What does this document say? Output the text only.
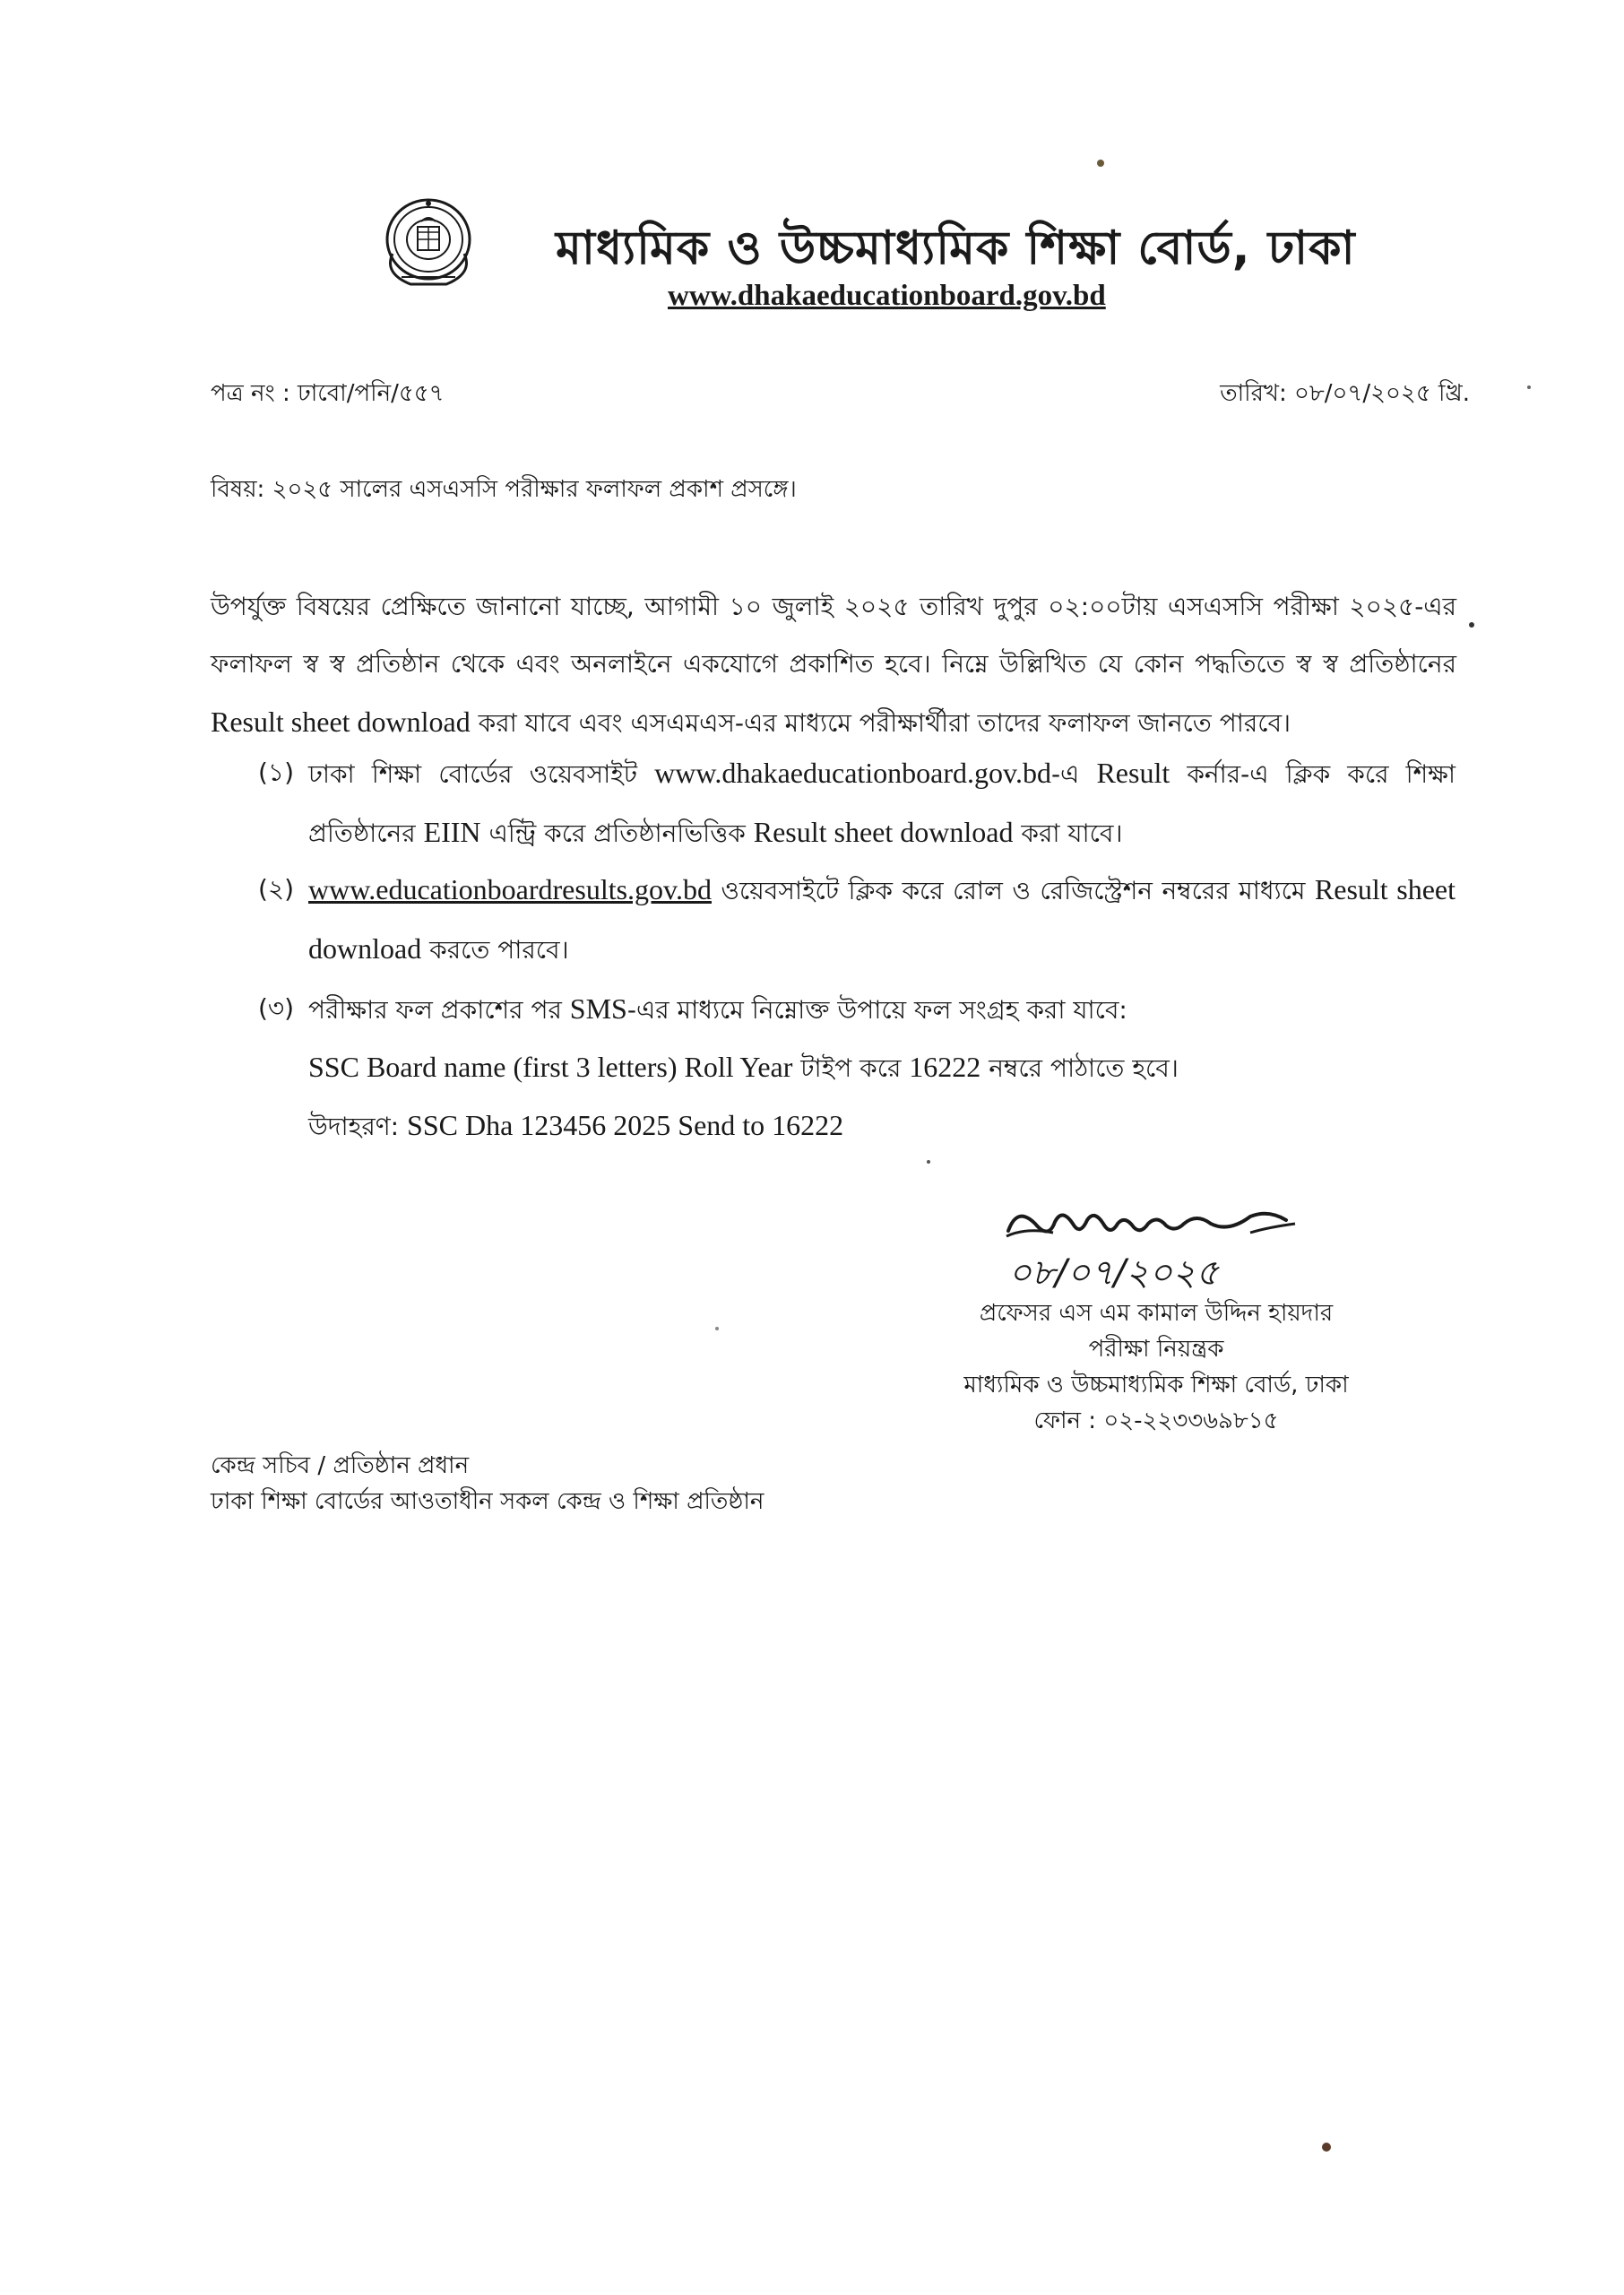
মাধ্যমিক ও উচ্চমাধ্যমিক শিক্ষা বোর্ড, ঢাকা
www.dhakaeducationboard.gov.bd
পত্র নং : ঢাবো/পনি/৫৫৭	তারিখ: ০৮/০৭/২০২৫ খ্রি.
বিষয়: ২০২৫ সালের এসএসসি পরীক্ষার ফলাফল প্রকাশ প্রসঙ্গে।
উপর্যুক্ত বিষয়ের প্রেক্ষিতে জানানো যাচ্ছে, আগামী ১০ জুলাই ২০২৫ তারিখ দুপুর ০২:০০টায় এসএসসি পরীক্ষা ২০২৫-এর ফলাফল স্ব স্ব প্রতিষ্ঠান থেকে এবং অনলাইনে একযোগে প্রকাশিত হবে। নিম্নে উল্লিখিত যে কোন পদ্ধতিতে স্ব স্ব প্রতিষ্ঠানের Result sheet download করা যাবে এবং এসএমএস-এর মাধ্যমে পরীক্ষার্থীরা তাদের ফলাফল জানতে পারবে।
(১) ঢাকা শিক্ষা বোর্ডের ওয়েবসাইট www.dhakaeducationboard.gov.bd-এ Result কর্নার-এ ক্লিক করে শিক্ষা প্রতিষ্ঠানের EIIN এন্ট্রি করে প্রতিষ্ঠানভিত্তিক Result sheet download করা যাবে।
(২) www.educationboardresults.gov.bd ওয়েবসাইটে ক্লিক করে রোল ও রেজিস্ট্রেশন নম্বরের মাধ্যমে Result sheet download করতে পারবে।
(৩) পরীক্ষার ফল প্রকাশের পর SMS-এর মাধ্যমে নিম্নোক্ত উপায়ে ফল সংগ্রহ করা যাবে:
SSC Board name (first 3 letters) Roll Year টাইপ করে 16222 নম্বরে পাঠাতে হবে।
উদাহরণ: SSC Dha 123456 2025 Send to 16222
০৮/০৭/২০২৫
প্রফেসর এস এম কামাল উদ্দিন হায়দার
পরীক্ষা নিয়ন্ত্রক
মাধ্যমিক ও উচ্চমাধ্যমিক শিক্ষা বোর্ড, ঢাকা
ফোন : ০২-২২৩৩৬৯৮১৫
কেন্দ্র সচিব / প্রতিষ্ঠান প্রধান
ঢাকা শিক্ষা বোর্ডের আওতাধীন সকল কেন্দ্র ও শিক্ষা প্রতিষ্ঠান
